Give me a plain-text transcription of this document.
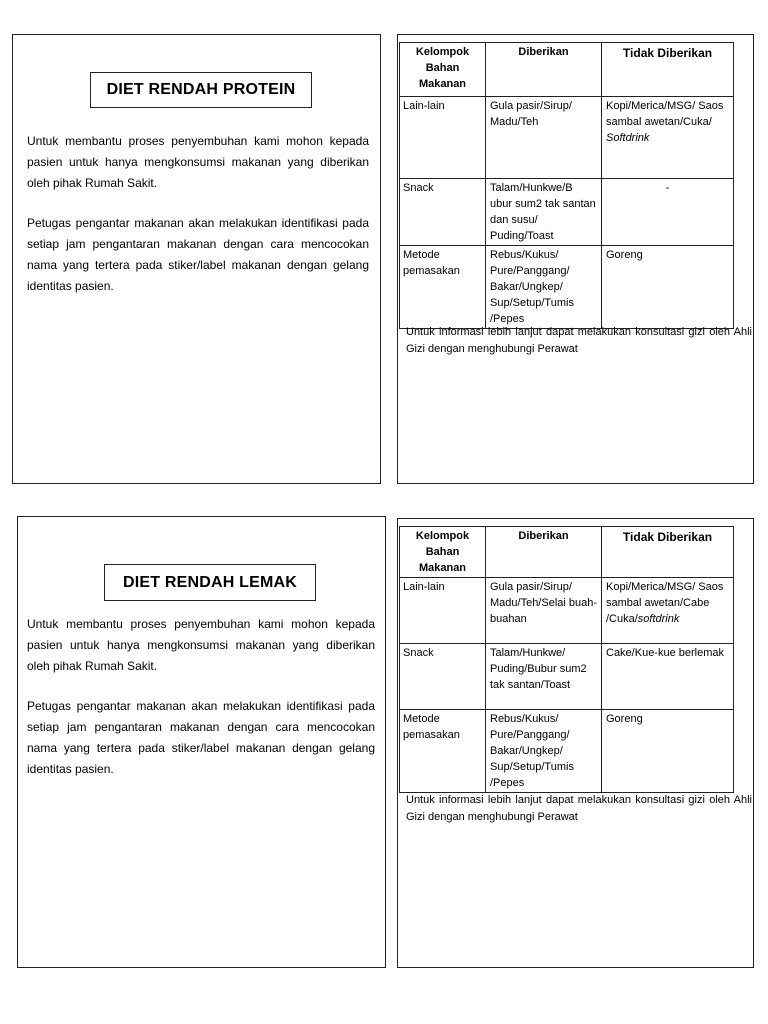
DIET RENDAH PROTEIN

Untuk membantu proses penyembuhan kami mohon kepada pasien untuk hanya mengkonsumsi makanan yang diberikan oleh pihak Rumah Sakit.

Petugas pengantar makanan akan melakukan identifikasi pada setiap jam pengantaran makanan dengan cara mencocokan nama yang tertera pada stiker/label makanan dengan gelang identitas pasien.

Kelompok Bahan Makanan	Diberikan	Tidak Diberikan
Lain-lain	Gula pasir/Sirup/ Madu/Teh	Kopi/Merica/MSG/ Saos sambal awetan/Cuka/
Softdrink
Snack	Talam/Hunkwe/B ubur sum2 tak santan dan susu/ Puding/Toast	-
Metode pemasakan	Rebus/Kukus/ Pure/Panggang/ Bakar/Ungkep/ Sup/Setup/Tumis /Pepes	Goreng
Untuk informasi lebih lanjut dapat melakukan konsultasi gizi oleh Ahli Gizi dengan menghubungi Perawat
DIET RENDAH LEMAK

Untuk membantu proses penyembuhan kami mohon kepada pasien untuk hanya mengkonsumsi makanan yang diberikan oleh pihak Rumah Sakit.

Petugas pengantar makanan akan melakukan identifikasi pada setiap jam pengantaran makanan dengan cara mencocokan nama yang tertera pada stiker/label makanan dengan gelang identitas pasien.

Kelompok Bahan Makanan	Diberikan	Tidak Diberikan
Lain-lain	Gula pasir/Sirup/ Madu/Teh/Selai buah-buahan	Kopi/Merica/MSG/ Saos sambal awetan/Cabe /Cuka/softdrink
Snack	Talam/Hunkwe/ Puding/Bubur sum2 tak santan/Toast	Cake/Kue-kue berlemak
Metode pemasakan	Rebus/Kukus/ Pure/Panggang/ Bakar/Ungkep/ Sup/Setup/Tumis /Pepes	Goreng
Untuk informasi lebih lanjut dapat melakukan konsultasi gizi oleh Ahli Gizi dengan menghubungi Perawat
